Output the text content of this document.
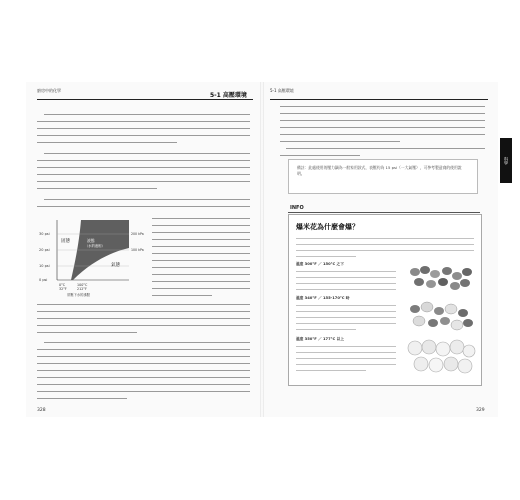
廚房中的化學
5-1 高壓環境
30 psi
20 psi
10 psi
0 psi
固態	液態
（水的液相）
氣態
200 kPa
100 kPa
0°C
32°F
100°C
212°F
常壓下水的沸點
328
5-1 高壓環境
科學
備註：此處使用的壓力鍋為一般家用款式，表壓約為 15 psi（一大氣壓），可參考製造商的使用說明。
INFO
爆米花為什麼會爆？
溫度 300°F ／ 150°C 之下
溫度 340°F ／ 155-170°C 時
溫度 350°F ／ 177°C 以上
329
